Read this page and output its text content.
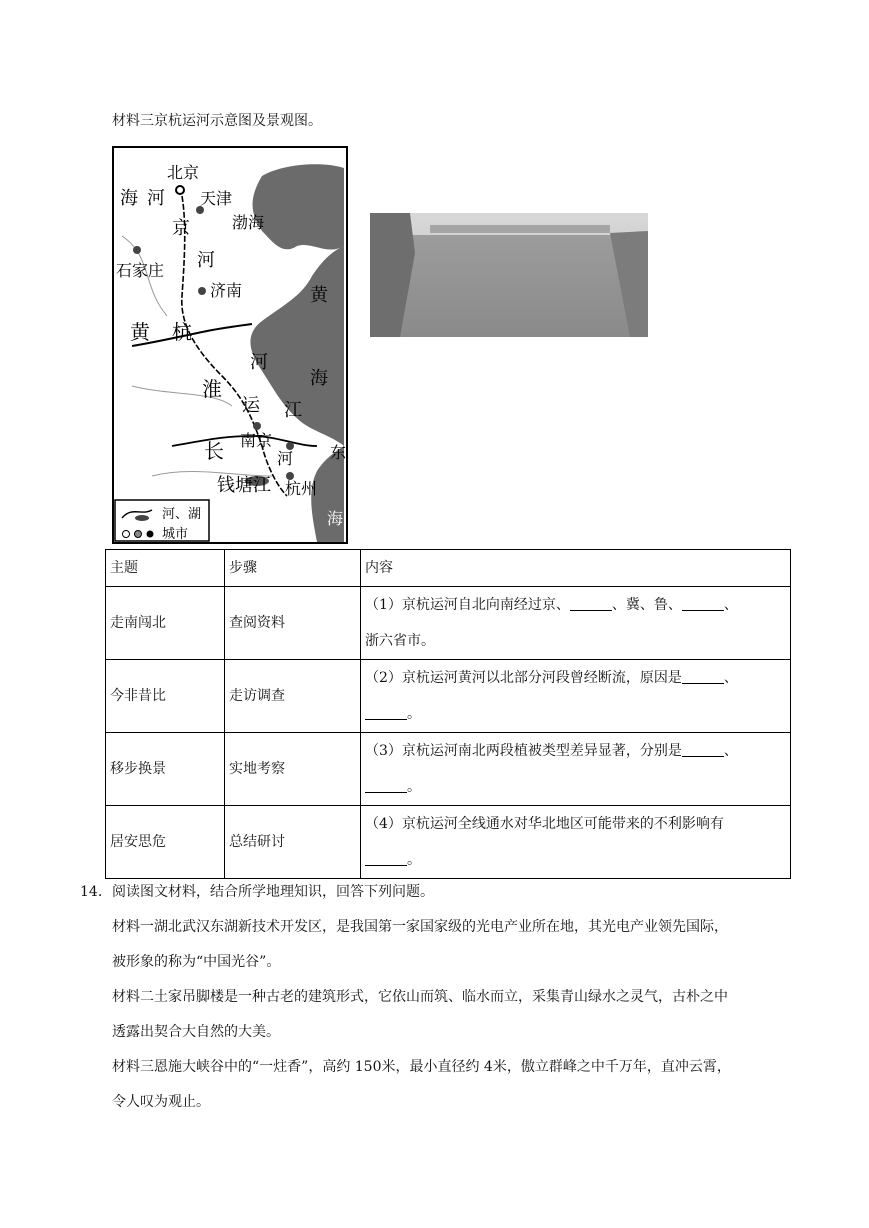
材料三京杭运河示意图及景观图。
北京
天津
海 河
京	渤海
石家庄 河
济南	黄
海
黄 杭
河
淮
运 江
长 南京
河 东
钱塘江 杭州
海
河、湖
城市
主题	步骤	内容
走南闯北	查阅资料	（1）京杭运河自北向南经过京、 、冀、鲁、 、
浙六省市。

今非昔比	走访调查	（2）京杭运河黄河以北部分河段曾经断流，原因是 、
。

移步换景	实地考察	（3）京杭运河南北两段植被类型差异显著，分别是 、
。

居安思危	总结研讨	（4）京杭运河全线通水对华北地区可能带来的不利影响有
。
14. 阅读图文材料，结合所学地理知识，回答下列问题。
材料一湖北武汉东湖新技术开发区，是我国第一家国家级的光电产业所在地，其光电产业领先国际，
被形象的称为“中国光谷”。
材料二土家吊脚楼是一种古老的建筑形式，它依山而筑、临水而立，采集青山绿水之灵气，古朴之中
透露出契合大自然的大美。
材料三恩施大峡谷中的“一炷香”，高约 150米，最小直径约 4米，傲立群峰之中千万年，直冲云霄，
令人叹为观止。
